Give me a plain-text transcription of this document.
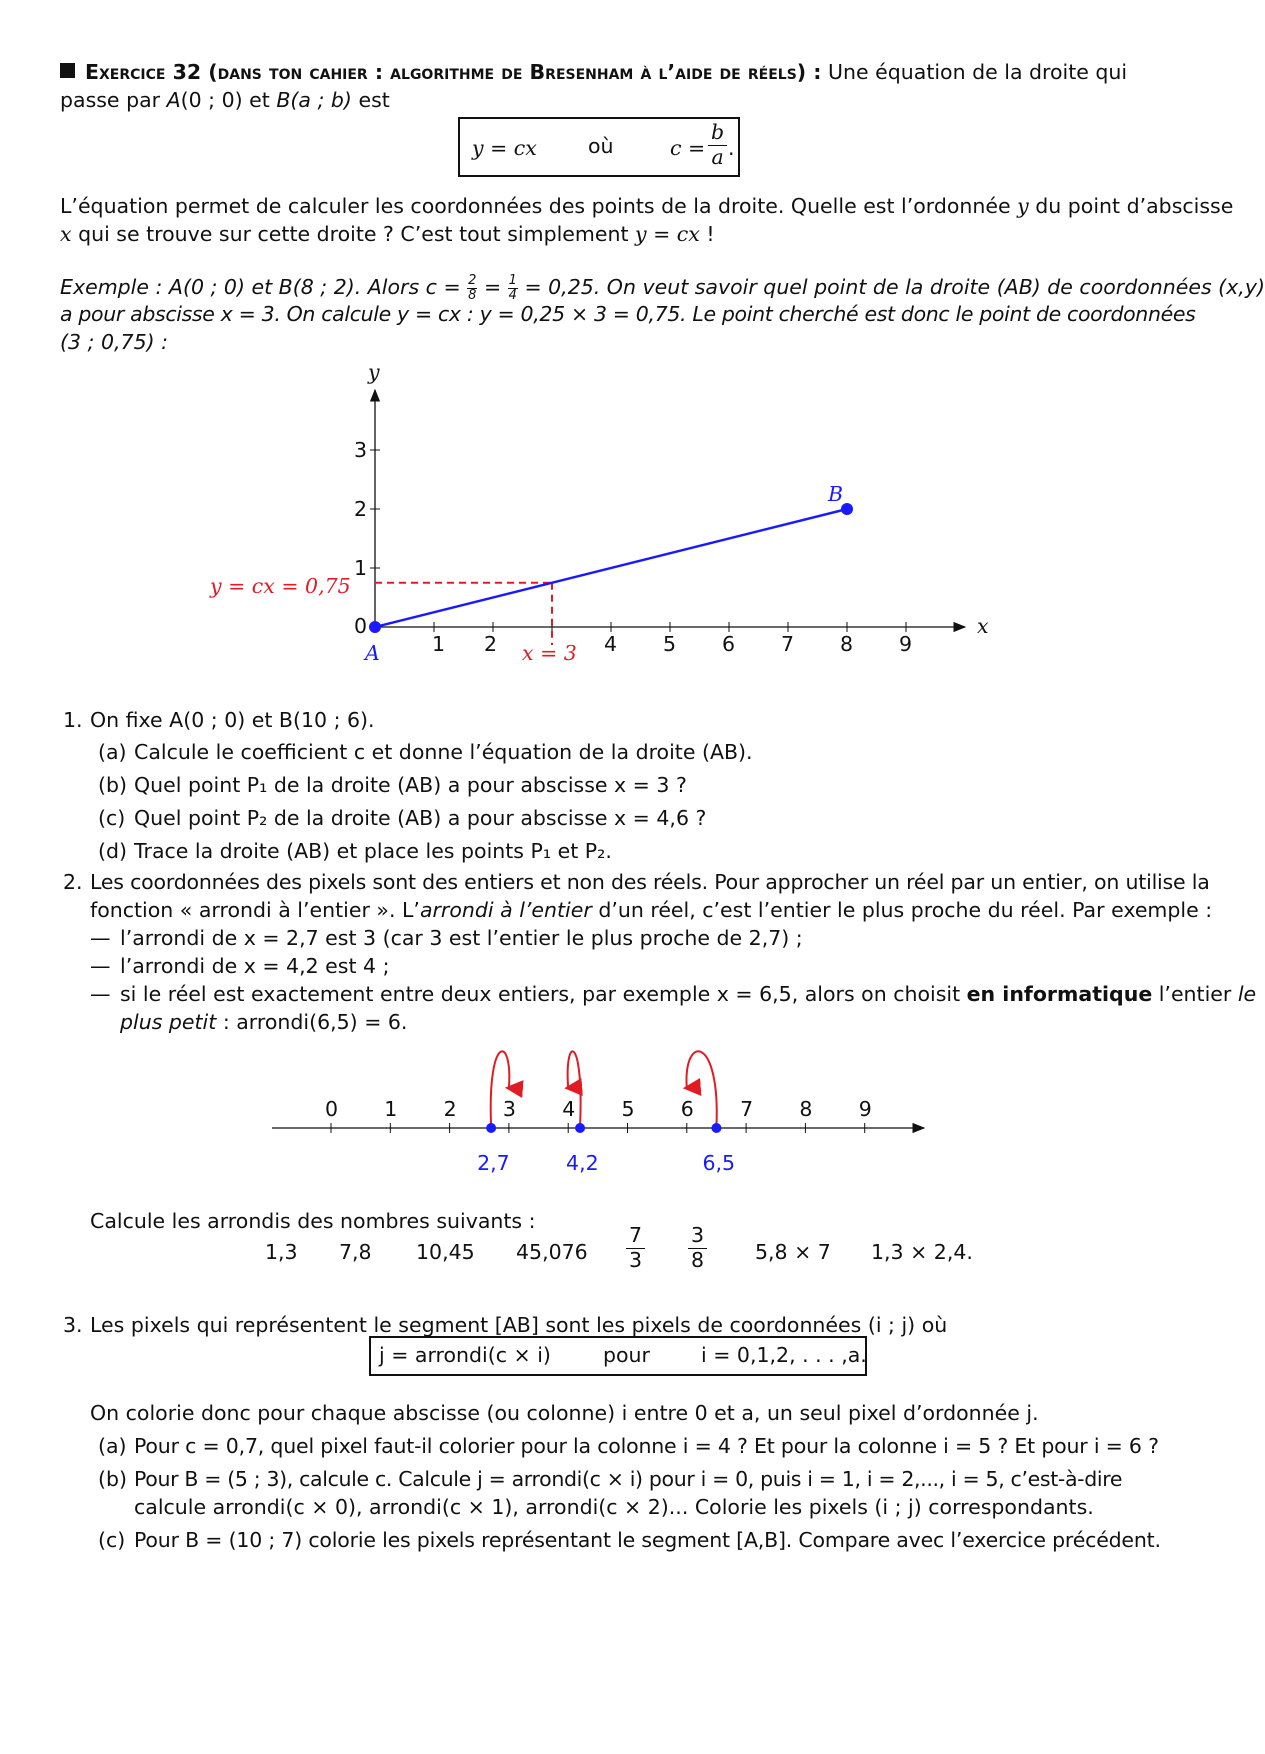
Exercice 32 (dans ton cahier : algorithme de Bresenham à l’aide de réels) : Une équation de la droite qui
passe par A(0 ; 0) et B(a ; b) est
y = cx où	$c = \frac{b}{a}$ .
L’équation permet de calculer les coordonnées des points de la droite. Quelle est l’ordonnée y du point d’abscisse
x qui se trouve sur cette droite ? C’est tout simplement y = cx !
Exemple : A(0 ; 0) et B(8 ; 2). Alors $c = \frac{2}{8} = \frac{1}{4} = 0,25$. On veut savoir quel point de la droite (AB) de coordonnées (x,y)
a pour abscisse x = 3. On calcule y = cx : y = 0,25 × 3 = 0,75. Le point cherché est donc le point de coordonnées
(3 ; 0,75) :
y
x
0
A
B
x = 3
y = cx = 0,75
1 2	4 5 6 7 8 9
1
2
3
1. On fixe A(0 ; 0) et B(10 ; 6).
(a) Calcule le coefficient c et donne l’équation de la droite (AB).
(b) Quel point P₁ de la droite (AB) a pour abscisse x = 3 ?
(c) Quel point P₂ de la droite (AB) a pour abscisse x = 4,6 ?
(d) Trace la droite (AB) et place les points P₁ et P₂.
2. Les coordonnées des pixels sont des entiers et non des réels. Pour approcher un réel par un entier, on utilise la
fonction « arrondi à l’entier ». L’arrondi à l’entier d’un réel, c’est l’entier le plus proche du réel. Par exemple :
— l’arrondi de x = 2,7 est 3 (car 3 est l’entier le plus proche de 2,7) ;
— l’arrondi de x = 4,2 est 4 ;
— si le réel est exactement entre deux entiers, par exemple x = 6,5, alors on choisit en informatique l’entier le
plus petit : arrondi(6,5) = 6.
0 1 2 3 4 5 6 7 8 9
2,7	4,2	6,5
Calcule les arrondis des nombres suivants :
1,3 7,8 10,45 $45,076 \frac{7}{3} \frac{3}{8} 5,8 \times 7$ 1,3 × 2,4.
3. Les pixels qui représentent le segment [AB] sont les pixels de coordonnées (i ; j) où
j = arrondi(c × i)	pour i = 0,1,2, . . . ,a.
On colorie donc pour chaque abscisse (ou colonne) i entre 0 et a, un seul pixel d’ordonnée j.
(a) Pour c = 0,7, quel pixel faut-il colorier pour la colonne i = 4 ? Et pour la colonne i = 5 ? Et pour i = 6 ?
(b) Pour B = (5 ; 3), calcule c. Calcule j = arrondi(c × i) pour i = 0, puis i = 1, i = 2,..., i = 5, c’est-à-dire
calcule arrondi(c × 0), arrondi(c × 1), arrondi(c × 2)... Colorie les pixels (i ; j) correspondants.
(c) Pour B = (10 ; 7) colorie les pixels représentant le segment [A,B]. Compare avec l’exercice précédent.
